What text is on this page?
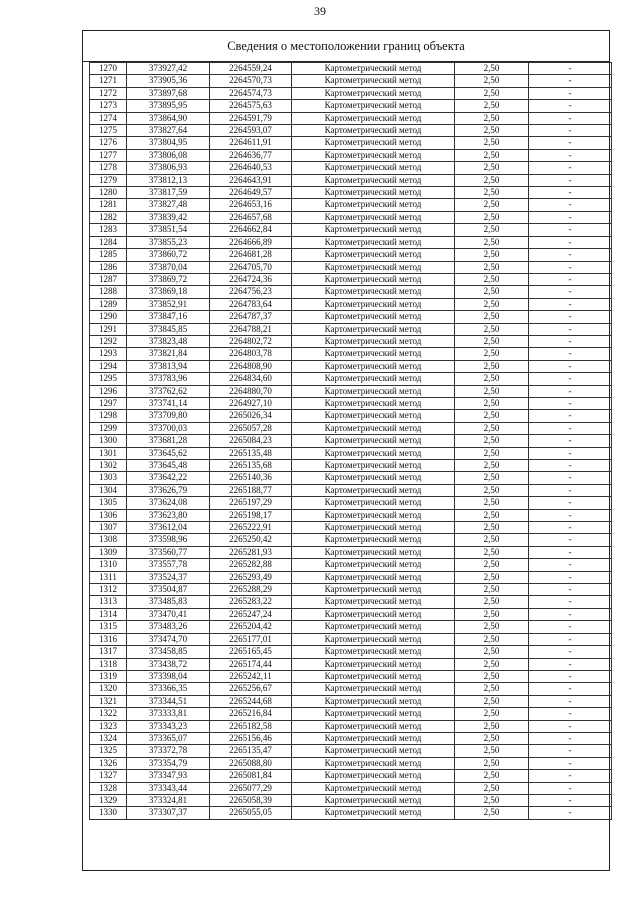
39
Сведения о местоположении границ объекта
1270	373927,42	2264559,24	Картометрический метод	2,50	-
1271	373905,36	2264570,73	Картометрический метод	2,50	-
1272	373897,68	2264574,73	Картометрический метод	2,50	-
1273	373895,95	2264575,63	Картометрический метод	2,50	-
1274	373864,90	2264591,79	Картометрический метод	2,50	-
1275	373827,64	2264593,07	Картометрический метод	2,50	-
1276	373804,95	2264611,91	Картометрический метод	2,50	-
1277	373806,08	2264636,77	Картометрический метод	2,50	-
1278	373806,93	2264640,53	Картометрический метод	2,50	-
1279	373812,13	2264643,91	Картометрический метод	2,50	-
1280	373817,59	2264649,57	Картометрический метод	2,50	-
1281	373827,48	2264653,16	Картометрический метод	2,50	-
1282	373839,42	2264657,68	Картометрический метод	2,50	-
1283	373851,54	2264662,84	Картометрический метод	2,50	-
1284	373855,23	2264666,89	Картометрический метод	2,50	-
1285	373860,72	2264681,28	Картометрический метод	2,50	-
1286	373870,04	2264705,70	Картометрический метод	2,50	-
1287	373869,72	2264724,36	Картометрический метод	2,50	-
1288	373869,18	2264756,23	Картометрический метод	2,50	-
1289	373852,91	2264783,64	Картометрический метод	2,50	-
1290	373847,16	2264787,37	Картометрический метод	2,50	-
1291	373845,85	2264788,21	Картометрический метод	2,50	-
1292	373823,48	2264802,72	Картометрический метод	2,50	-
1293	373821,84	2264803,78	Картометрический метод	2,50	-
1294	373813,94	2264808,90	Картометрический метод	2,50	-
1295	373783,96	2264834,60	Картометрический метод	2,50	-
1296	373762,62	2264880,70	Картометрический метод	2,50	-
1297	373741,14	2264927,10	Картометрический метод	2,50	-
1298	373709,80	2265026,34	Картометрический метод	2,50	-
1299	373700,03	2265057,28	Картометрический метод	2,50	-
1300	373681,28	2265084,23	Картометрический метод	2,50	-
1301	373645,62	2265135,48	Картометрический метод	2,50	-
1302	373645,48	2265135,68	Картометрический метод	2,50	-
1303	373642,22	2265140,36	Картометрический метод	2,50	-
1304	373626,79	2265188,77	Картометрический метод	2,50	-
1305	373624,08	2265197,29	Картометрический метод	2,50	-
1306	373623,80	2265198,17	Картометрический метод	2,50	-
1307	373612,04	2265222,91	Картометрический метод	2,50	-
1308	373598,96	2265250,42	Картометрический метод	2,50	-
1309	373560,77	2265281,93	Картометрический метод	2,50	-
1310	373557,78	2265282,88	Картометрический метод	2,50	-
1311	373524,37	2265293,49	Картометрический метод	2,50	-
1312	373504,87	2265288,29	Картометрический метод	2,50	-
1313	373485,83	2265283,22	Картометрический метод	2,50	-
1314	373470,41	2265247,24	Картометрический метод	2,50	-
1315	373483,26	2265204,42	Картометрический метод	2,50	-
1316	373474,70	2265177,01	Картометрический метод	2,50	-
1317	373458,85	2265165,45	Картометрический метод	2,50	-
1318	373438,72	2265174,44	Картометрический метод	2,50	-
1319	373398,04	2265242,11	Картометрический метод	2,50	-
1320	373366,35	2265256,67	Картометрический метод	2,50	-
1321	373344,51	2265244,68	Картометрический метод	2,50	-
1322	373333,81	2265216,84	Картометрический метод	2,50	-
1323	373343,23	2265182,58	Картометрический метод	2,50	-
1324	373365,07	2265156,46	Картометрический метод	2,50	-
1325	373372,78	2265135,47	Картометрический метод	2,50	-
1326	373354,79	2265088,80	Картометрический метод	2,50	-
1327	373347,93	2265081,84	Картометрический метод	2,50	-
1328	373343,44	2265077,29	Картометрический метод	2,50	-
1329	373324,81	2265058,39	Картометрический метод	2,50	-
1330	373307,37	2265055,05	Картометрический метод	2,50	-
